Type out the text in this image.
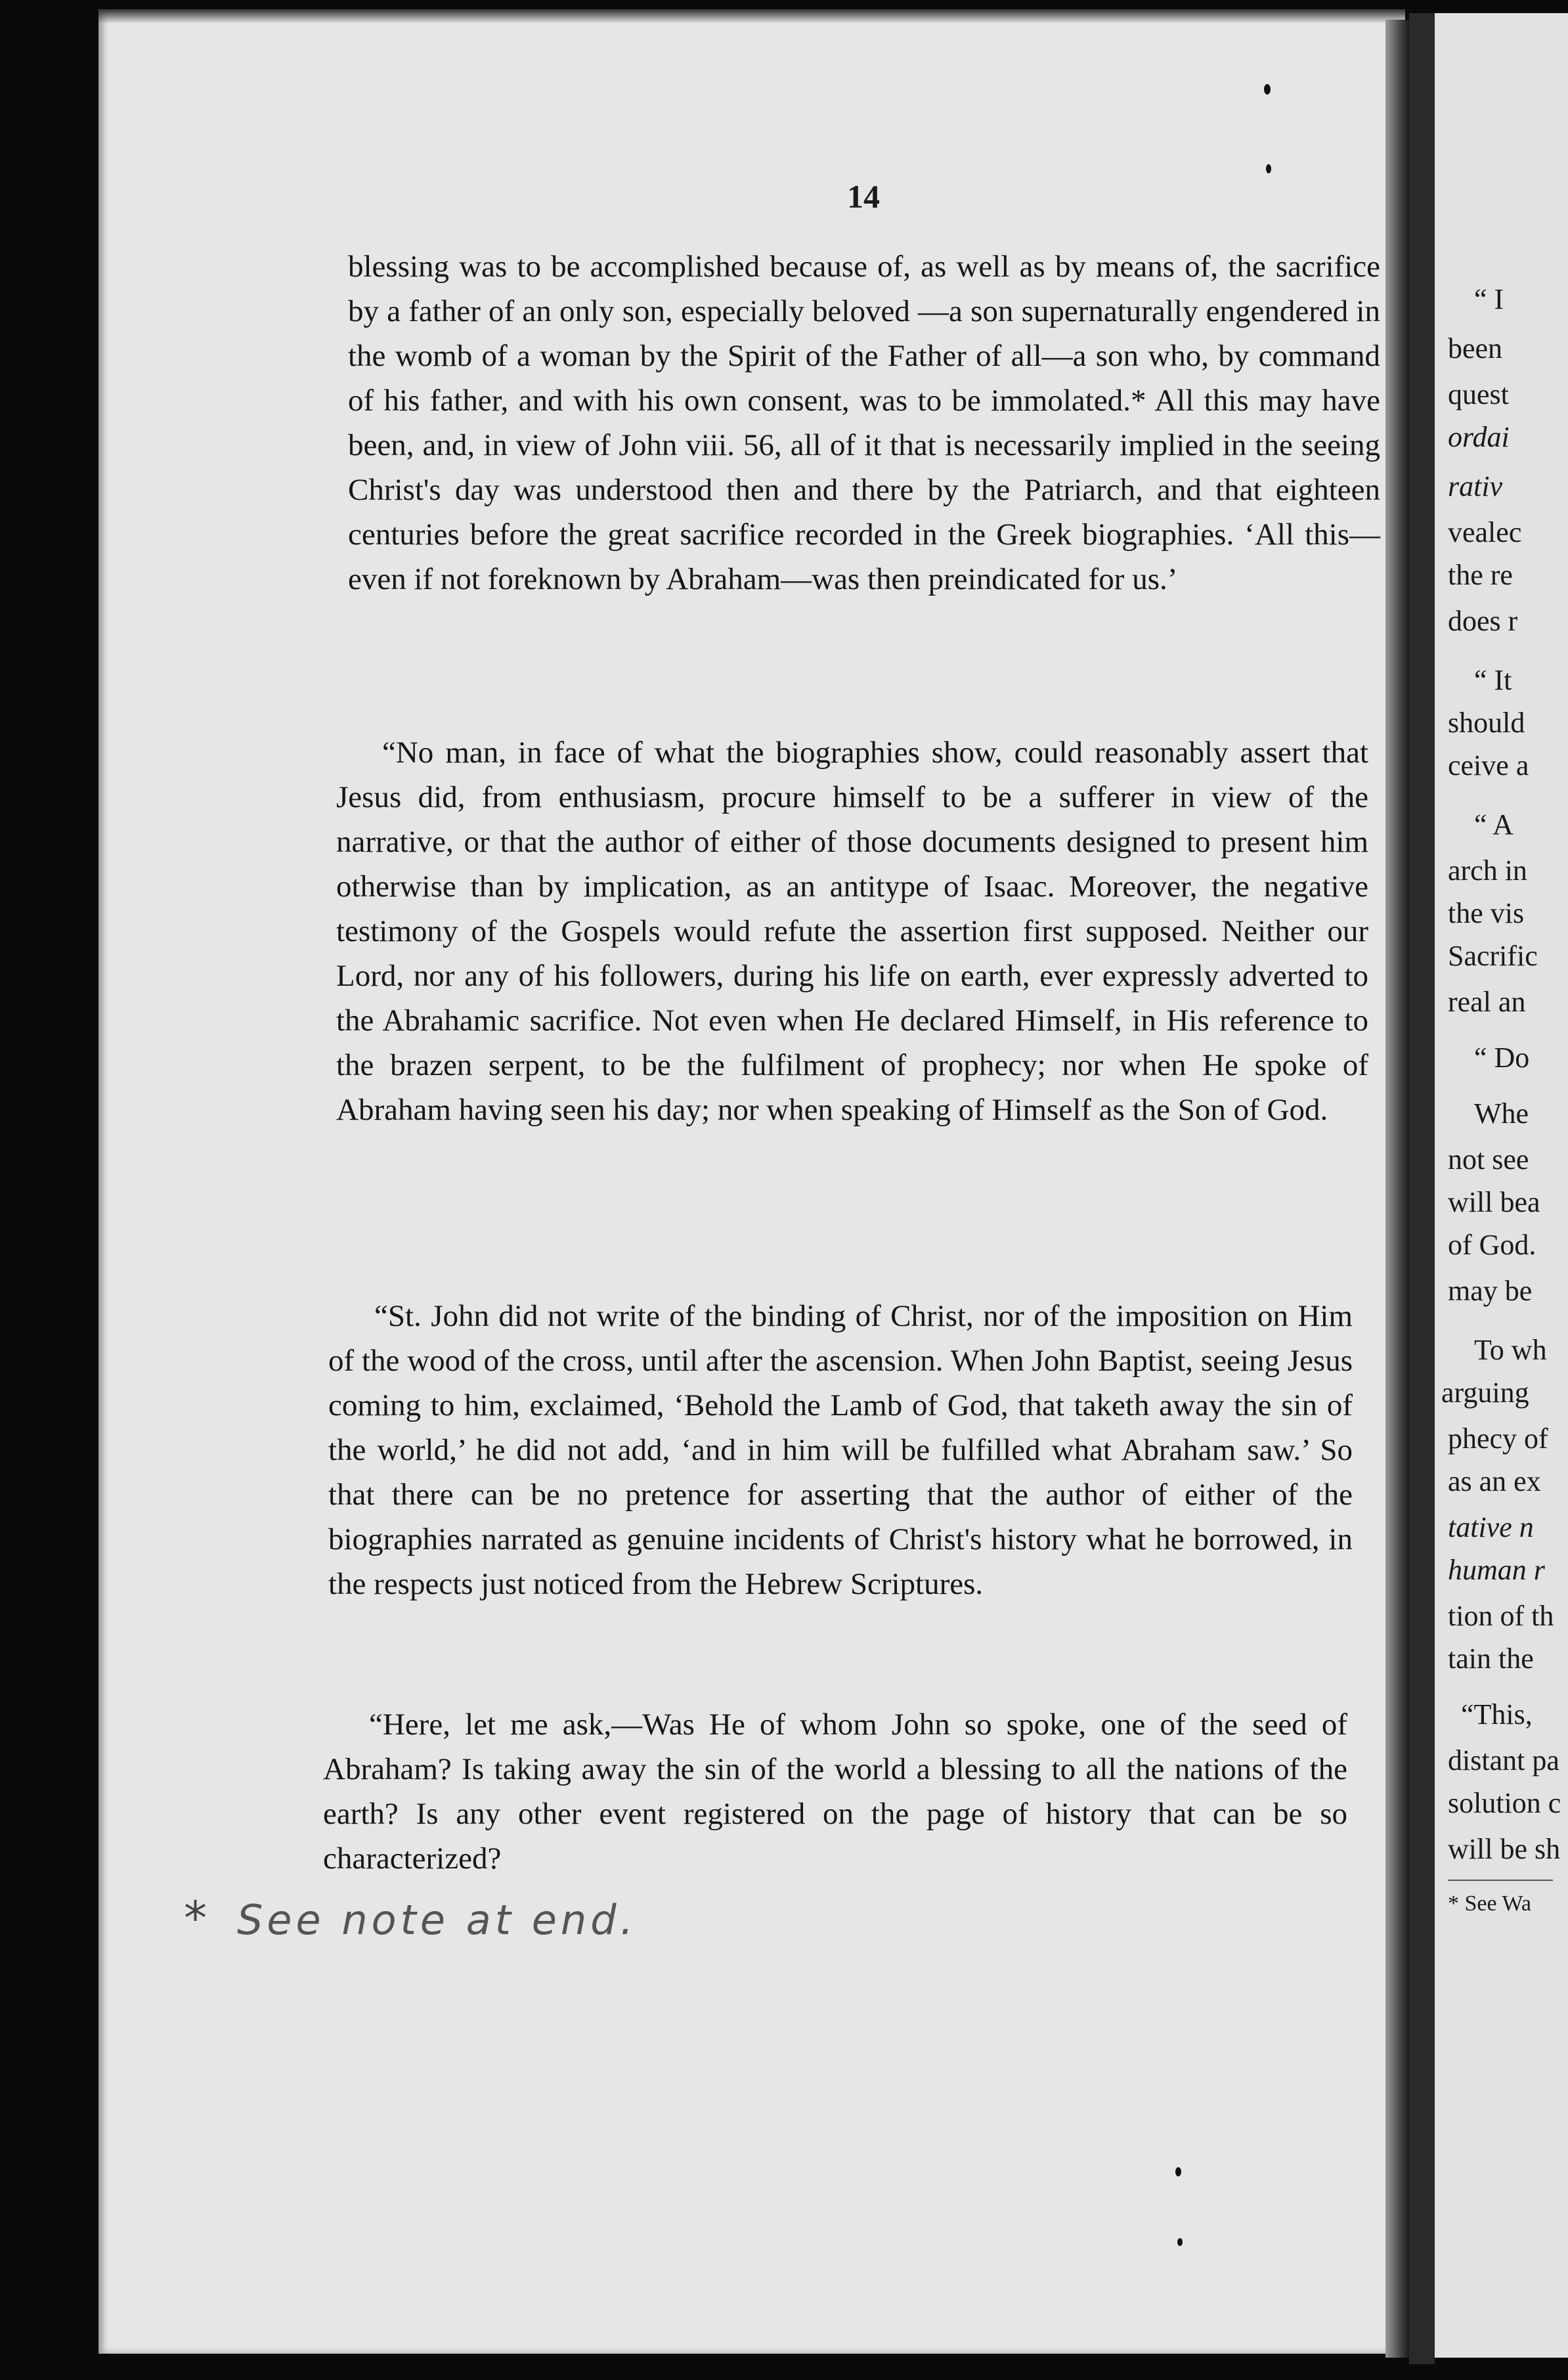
14
blessing was to be accomplished because of, as well as by means of, the sacrifice by a father of an only son, especially beloved —a son supernaturally engendered in the womb of a woman by the Spirit of the Father of all—a son who, by command of his father, and with his own consent, was to be immolated.* All this may have been, and, in view of John viii. 56, all of it that is necessarily implied in the seeing Christ's day was understood then and there by the Patriarch, and that eighteen centuries before the great sacrifice recorded in the Greek biographies. ‘All this—even if not foreknown by Abraham—was then preindicated for us.’
“No man, in face of what the biographies show, could reasonably assert that Jesus did, from enthusiasm, procure himself to be a sufferer in view of the narrative, or that the author of either of those documents designed to present him otherwise than by implication, as an antitype of Isaac. Moreover, the negative testimony of the Gospels would refute the assertion first supposed. Neither our Lord, nor any of his followers, during his life on earth, ever expressly adverted to the Abrahamic sacrifice. Not even when He declared Himself, in His reference to the brazen serpent, to be the fulfilment of prophecy; nor when He spoke of Abraham having seen his day; nor when speaking of Himself as the Son of God.
“St. John did not write of the binding of Christ, nor of the imposition on Him of the wood of the cross, until after the ascension. When John Baptist, seeing Jesus coming to him, exclaimed, ‘Behold the Lamb of God, that taketh away the sin of the world,’ he did not add, ‘and in him will be fulfilled what Abraham saw.’ So that there can be no pretence for asserting that the author of either of the biographies narrated as genuine incidents of Christ's history what he borrowed, in the respects just noticed from the Hebrew Scriptures.
“Here, let me ask,—Was He of whom John so spoke, one of the seed of Abraham? Is taking away the sin of the world a blessing to all the nations of the earth? Is any other event registered on the page of history that can be so characterized?
* See note at end.
“ I
been
quest
ordai
rativ
vealec
the re
does r
“ It
should
ceive a
“ A
arch in
the vis
Sacrific
real an
“ Do
Whe
not see
will bea
of God.
may be
To wh
arguing
phecy of
as an ex
tative n
human r
tion of th
tain the
“This,
distant pa
solution c
will be sh
* See Wa
